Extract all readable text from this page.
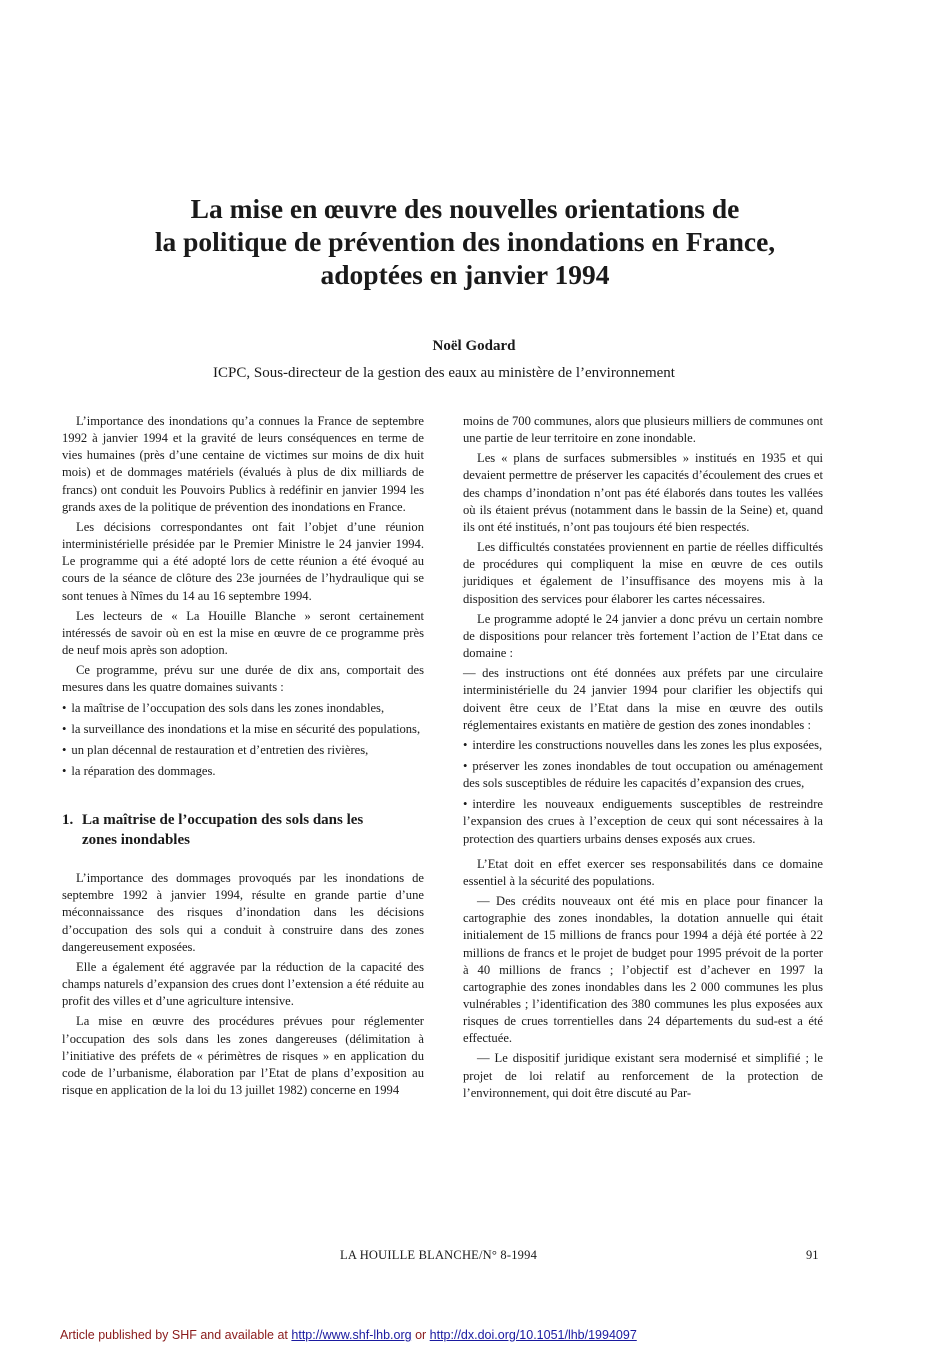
La mise en œuvre des nouvelles orientations de
la politique de prévention des inondations en France,
adoptées en janvier 1994
Noël Godard
ICPC, Sous-directeur de la gestion des eaux au ministère de l’environnement

L’importance des inondations qu’a connues la France de septembre 1992 à janvier 1994 et la gravité de leurs conséquences en terme de vies humaines (près d’une centaine de victimes sur moins de dix huit mois) et de dommages matériels (évalués à plus de dix milliards de francs) ont conduit les Pouvoirs Publics à redéfinir en janvier 1994 les grands axes de la politique de prévention des inondations en France.

Les décisions correspondantes ont fait l’objet d’une réunion interministérielle présidée par le Premier Ministre le 24 janvier 1994. Le programme qui a été adopté lors de cette réunion a été évoqué au cours de la séance de clôture des 23e journées de l’hydraulique qui se sont tenues à Nîmes du 14 au 16 septembre 1994.

Les lecteurs de « La Houille Blanche » seront certainement intéressés de savoir où en est la mise en œuvre de ce programme près de neuf mois après son adoption.

Ce programme, prévu sur une durée de dix ans, comportait des mesures dans les quatre domaines suivants :

• la maîtrise de l’occupation des sols dans les zones inondables,

• la surveillance des inondations et la mise en sécurité des populations,

• un plan décennal de restauration et d’entretien des rivières,

• la réparation des dommages.

1. La maîtrise de l’occupation des sols dans les
zones inondables

L’importance des dommages provoqués par les inondations de septembre 1992 à janvier 1994, résulte en grande partie d’une méconnaissance des risques d’inondation dans les décisions d’occupation des sols qui a conduit à construire dans des zones dangereusement exposées.

Elle a également été aggravée par la réduction de la capacité des champs naturels d’expansion des crues dont l’extension a été réduite au profit des villes et d’une agriculture intensive.

La mise en œuvre des procédures prévues pour réglementer l’occupation des sols dans les zones dangereuses (délimitation à l’initiative des préfets de « périmètres de risques » en application du code de l’urbanisme, élaboration par l’Etat de plans d’exposition au risque en application de la loi du 13 juillet 1982) concerne en 1994

moins de 700 communes, alors que plusieurs milliers de communes ont une partie de leur territoire en zone inondable.

Les « plans de surfaces submersibles » institués en 1935 et qui devaient permettre de préserver les capacités d’écoulement des crues et des champs d’inondation n’ont pas été élaborés dans toutes les vallées où ils étaient prévus (notamment dans le bassin de la Seine) et, quand ils ont été institués, n’ont pas toujours été bien respectés.

Les difficultés constatées proviennent en partie de réelles difficultés de procédures qui compliquent la mise en œuvre de ces outils juridiques et également de l’insuffisance des moyens mis à la disposition des services pour élaborer les cartes nécessaires.

Le programme adopté le 24 janvier a donc prévu un certain nombre de dispositions pour relancer très fortement l’action de l’Etat dans ce domaine :

— des instructions ont été données aux préfets par une circulaire interministérielle du 24 janvier 1994 pour clarifier les objectifs qui doivent être ceux de l’Etat dans la mise en œuvre des outils réglementaires existants en matière de gestion des zones inondables :

• interdire les constructions nouvelles dans les zones les plus exposées,

• préserver les zones inondables de tout occupation ou aménagement des sols susceptibles de réduire les capacités d’expansion des crues,

• interdire les nouveaux endiguements susceptibles de restreindre l’expansion des crues à l’exception de ceux qui sont nécessaires à la protection des quartiers urbains denses exposés aux crues.

L’Etat doit en effet exercer ses responsabilités dans ce domaine essentiel à la sécurité des populations.

— Des crédits nouveaux ont été mis en place pour financer la cartographie des zones inondables, la dotation annuelle qui était initialement de 15 millions de francs pour 1994 a déjà été portée à 22 millions de francs et le projet de budget pour 1995 prévoit de la porter à 40 millions de francs ; l’objectif est d’achever en 1997 la cartographie des zones inondables dans les 2 000 communes les plus vulnérables ; l’identification des 380 communes les plus exposées aux risques de crues torrentielles dans 24 départements du sud-est a été effectuée.

— Le dispositif juridique existant sera modernisé et simplifié ; le projet de loi relatif au renforcement de la protection de l’environnement, qui doit être discuté au Par-

LA HOUILLE BLANCHE/N° 8-1994	91
Article published by SHF and available at http://www.shf-lhb.org or http://dx.doi.org/10.1051/lhb/1994097
